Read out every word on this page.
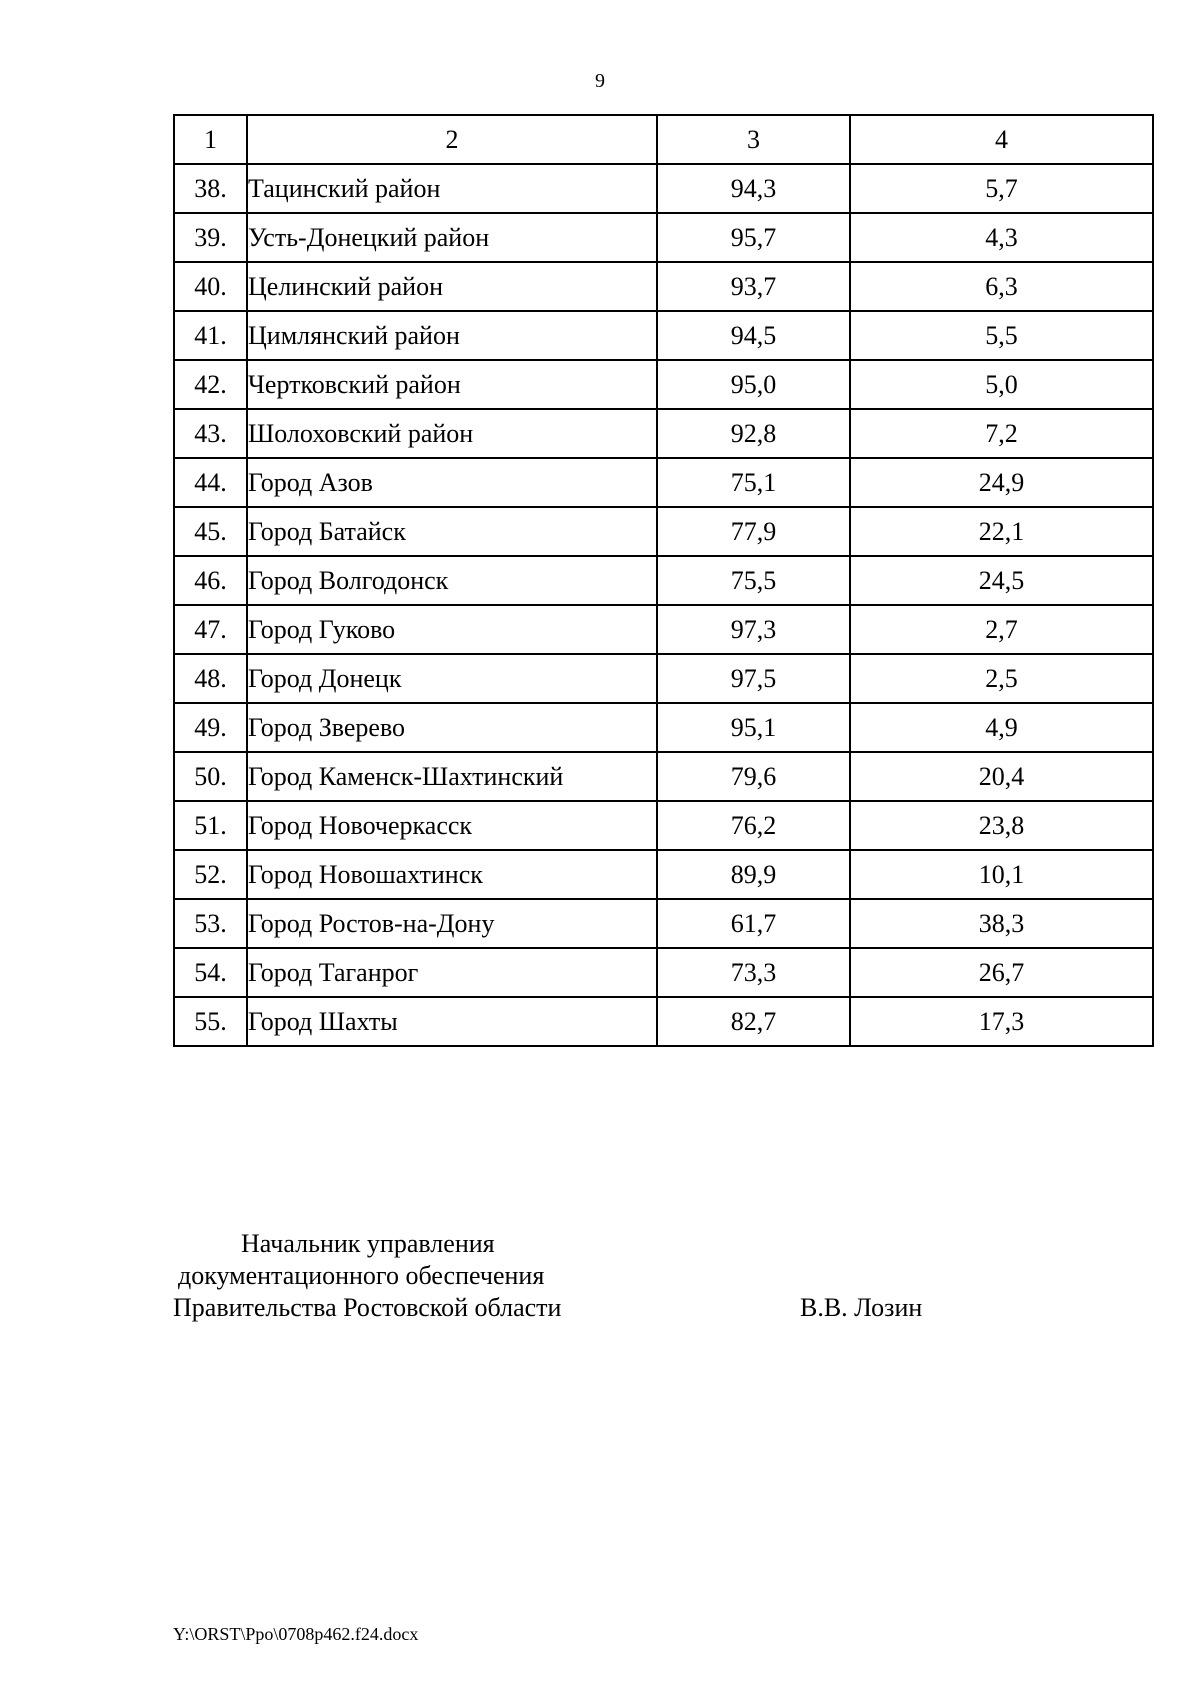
9
1	2	3	4
38.	Тацинский район	94,3	5,7
39.	Усть-Донецкий район	95,7	4,3
40.	Целинский район	93,7	6,3
41.	Цимлянский район	94,5	5,5
42.	Чертковский район	95,0	5,0
43.	Шолоховский район	92,8	7,2
44.	Город Азов	75,1	24,9
45.	Город Батайск	77,9	22,1
46.	Город Волгодонск	75,5	24,5
47.	Город Гуково	97,3	2,7
48.	Город Донецк	97,5	2,5
49.	Город Зверево	95,1	4,9
50.	Город Каменск-Шахтинский	79,6	20,4
51.	Город Новочеркасск	76,2	23,8
52.	Город Новошахтинск	89,9	10,1
53.	Город Ростов-на-Дону	61,7	38,3
54.	Город Таганрог	73,3	26,7
55.	Город Шахты	82,7	17,3
Начальник управления
документационного обеспечения
Правительства Ростовской области	В.В. Лозин
Y:\ORST\Ppo\0708p462.f24.docx
